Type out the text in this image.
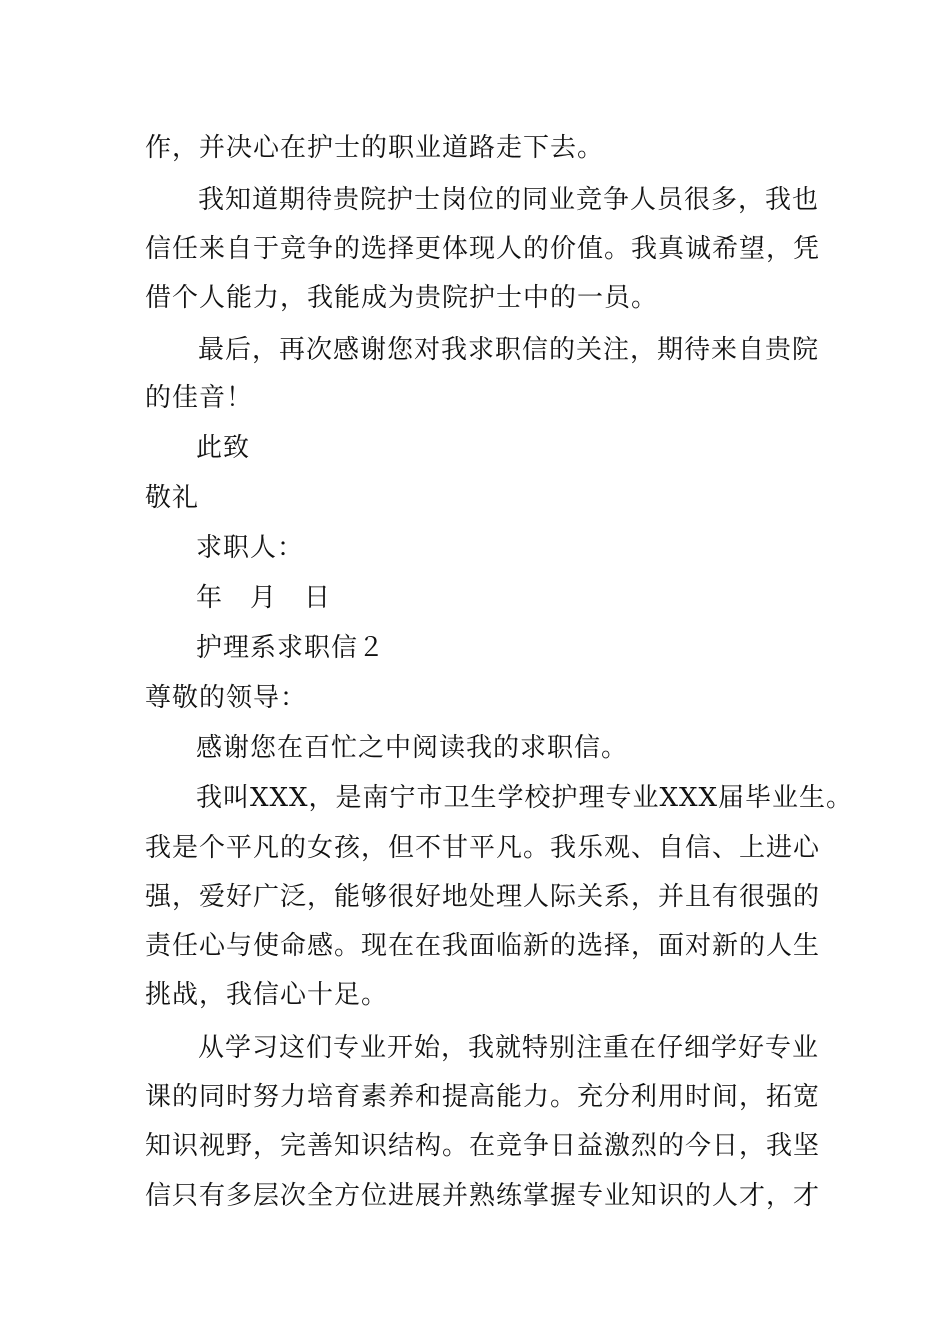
作，并决心在护士的职业道路走下去。
我知道期待贵院护士岗位的同业竞争人员很多，我也
信任来自于竞争的选择更体现人的价值。我真诚希望，凭
借个人能力，我能成为贵院护士中的一员。
最后，再次感谢您对我求职信的关注，期待来自贵院
的佳音！
此致
敬礼
求职人：
年　月　日
护理系求职信２
尊敬的领导：
感谢您在百忙之中阅读我的求职信。
我叫XXX，是南宁市卫生学校护理专业XXX届毕业生。
我是个平凡的女孩，但不甘平凡。我乐观、自信、上进心
强，爱好广泛，能够很好地处理人际关系，并且有很强的
责任心与使命感。现在在我面临新的选择，面对新的人生
挑战，我信心十足。
从学习这们专业开始，我就特别注重在仔细学好专业
课的同时努力培育素养和提高能力。充分利用时间，拓宽
知识视野，完善知识结构。在竞争日益激烈的今日，我坚
信只有多层次全方位进展并熟练掌握专业知识的人才，才
